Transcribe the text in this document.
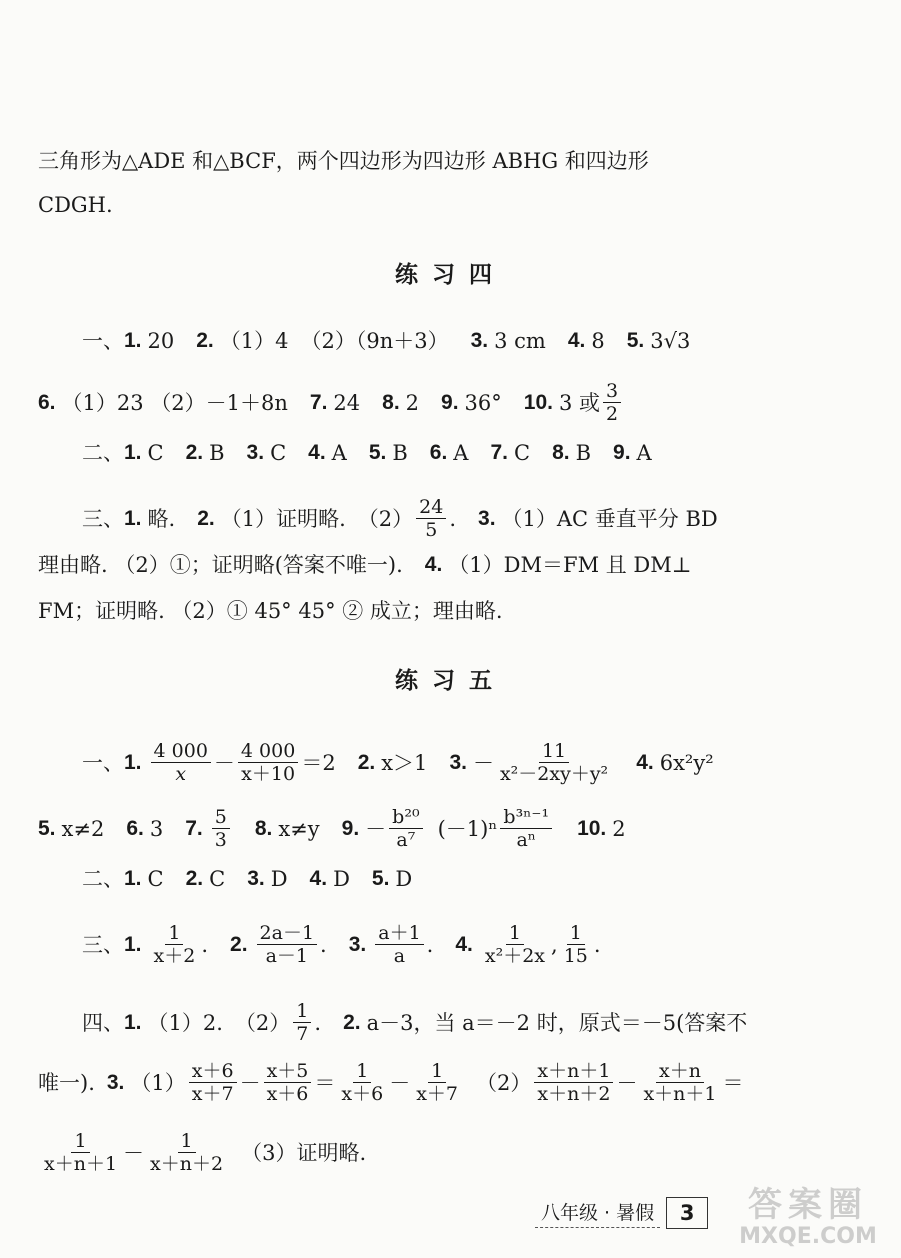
三角形为△ADE 和△BCF，两个四边形为四边形 ABHG 和四边形
CDGH.
练习四
一、 1. 20 2. （1）4 （2）（9n＋3） 3. 3 cm 4. 8 5. 3√3
6. （1）23 （2）－1＋8n 7. 24 8. 2 9. 36° 10. 3 或 $\frac{3}{2}$
二、 1. C 2. B 3. C 4. A 5. B 6. A 7. C 8. B 9. A
三、 1. 略. 2. （1）证明略. $(2) \frac{24}{5}$ . 3. （1）AC 垂直平分 BD
理由略. （2）①；证明略(答案不唯一). 4. （1）DM＝FM 且 DM⊥
FM；证明略. （2）① 45° 45° ② 成立；理由略.
练习五
一、 1. $\frac{4 000}{x} - \frac{4 000}{x+10} =2$ 2. x＞1 3. － $\frac{11}{\text{x²－2xy＋y²}} 4$. 6x²y²
5. x≠2 6. 3 7. $\frac{5}{3} 8$. x≠y 9. － $\frac{\text{b²⁰}}{\text{a⁷}} (-1)^n \frac{\text{b³ⁿ⁻¹}}{\text{aⁿ}} 10$. 2
二、 1. C 2. C 3. D 4. D 5. D
三、 1. $\frac{1}{x+2}$ . 2. $\frac{2a-1}{a-1}$ . 3. $\frac{a+1}{a}$ . 4. $\frac{1}{\text{x²＋2x}}$ , $\frac{1}{15}$ .
四、 1. （1）2. $(2) \frac{1}{7}$ . 2. a－3，当 a＝－2 时，原式＝－5(答案不
唯一). 3. $(1) \frac{x+6}{x+7} - \frac{x+5}{x+6} = \frac{1}{x+6} - \frac{1}{x+7} (2) \frac{x+n+1}{x+n+2} - \frac{x+n}{x+n+1}$ ＝
$\frac{1}{x+n+1} - \frac{1}{x+n+2} (3)$证明略.
八年级 · 暑假	3	答案圈
MXQE.COM
